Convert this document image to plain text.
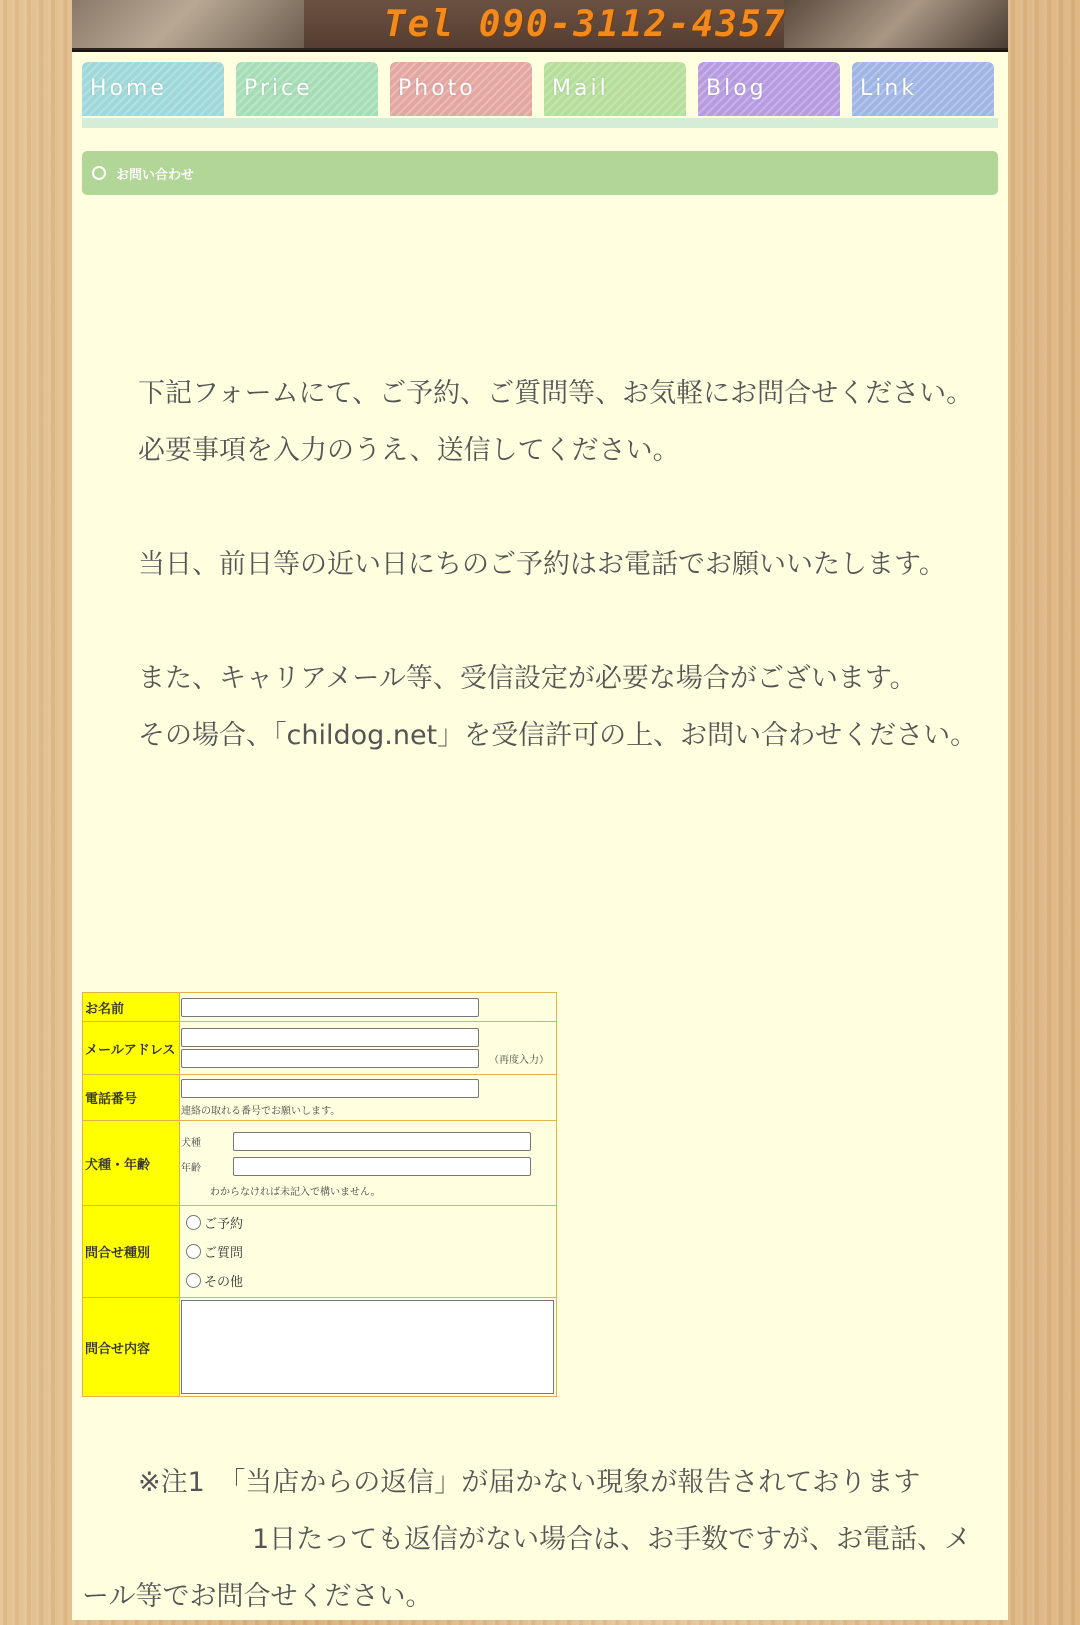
Tel 090-3112-4357
Home	Price	Photo	Mail	Blog	Link
お問い合わせ

下記フォームにて、ご予約、ご質問等、お気軽にお問合せください。

必要事項を入力のうえ、送信してください。

当日、前日等の近い日にちのご予約はお電話でお願いいたします。

また、キャリアメール等、受信設定が必要な場合がございます。

その場合、「childog.net」を受信許可の上、お問い合わせください。

お名前	

メールアドレス	（再度入力）

電話番号	連絡の取れる番号でお願いします。

犬種・年齢	犬種
年齢
わからなければ未記入で構いません。

問合せ種別	ご予約
ご質問
その他

問合せ内容	

※注1　「当店からの返信」が届かない現象が報告されております

1日たっても返信がない場合は、お手数ですが、お電話、メール等でお問合せください。
